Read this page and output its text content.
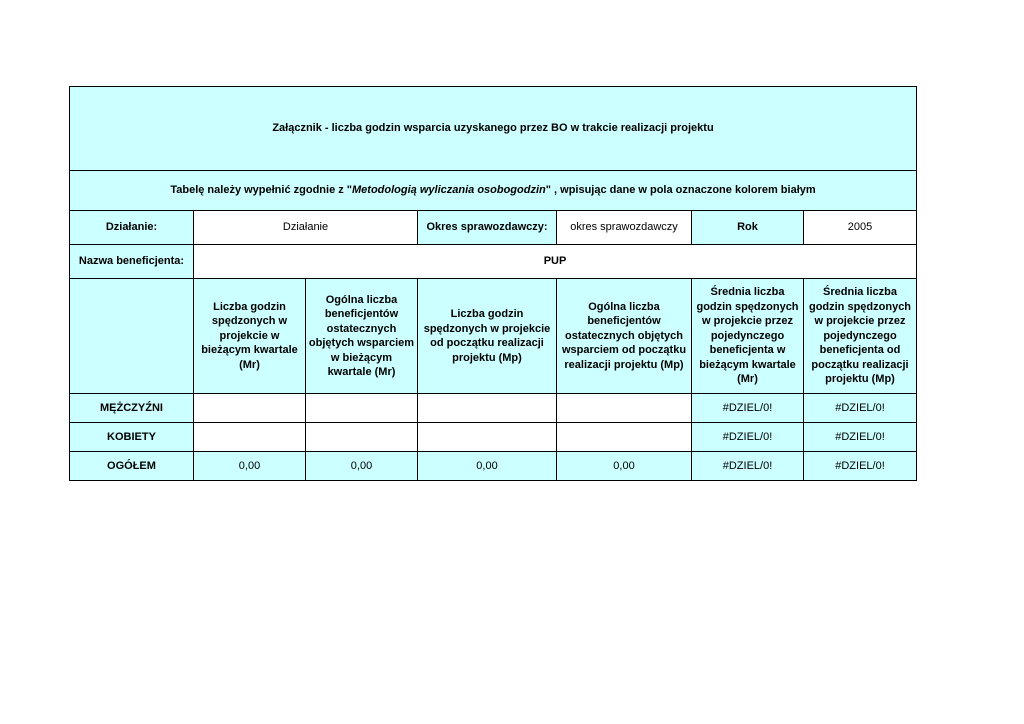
Załącznik - liczba godzin wsparcia uzyskanego przez BO w trakcie realizacji projektu						
Tabelę należy wypełnić zgodnie z "Metodologią wyliczania osobogodzin" , wpisując dane w pola oznaczone kolorem białym						
Działanie:	Działanie		Okres sprawozdawczy:	okres sprawozdawczy	Rok	2005
Nazwa beneficjenta:	PUP					
	Liczba godzin spędzonych w projekcie w bieżącym kwartale (Mr)	Ogólna liczba beneficjentów ostatecznych objętych wsparciem w bieżącym kwartale (Mr)	Liczba godzin spędzonych w projekcie od początku realizacji projektu (Mp)	Ogólna liczba beneficjentów ostatecznych objętych wsparciem od początku realizacji projektu (Mp)	Średnia liczba godzin spędzonych w projekcie przez pojedynczego beneficjenta w bieżącym kwartale (Mr)	Średnia liczba godzin spędzonych w projekcie przez pojedynczego beneficjenta od początku realizacji projektu (Mp)
MĘŻCZYŹNI					#DZIEL/0!	#DZIEL/0!
KOBIETY					#DZIEL/0!	#DZIEL/0!
OGÓŁEM	0,00	0,00	0,00	0,00	#DZIEL/0!	#DZIEL/0!
